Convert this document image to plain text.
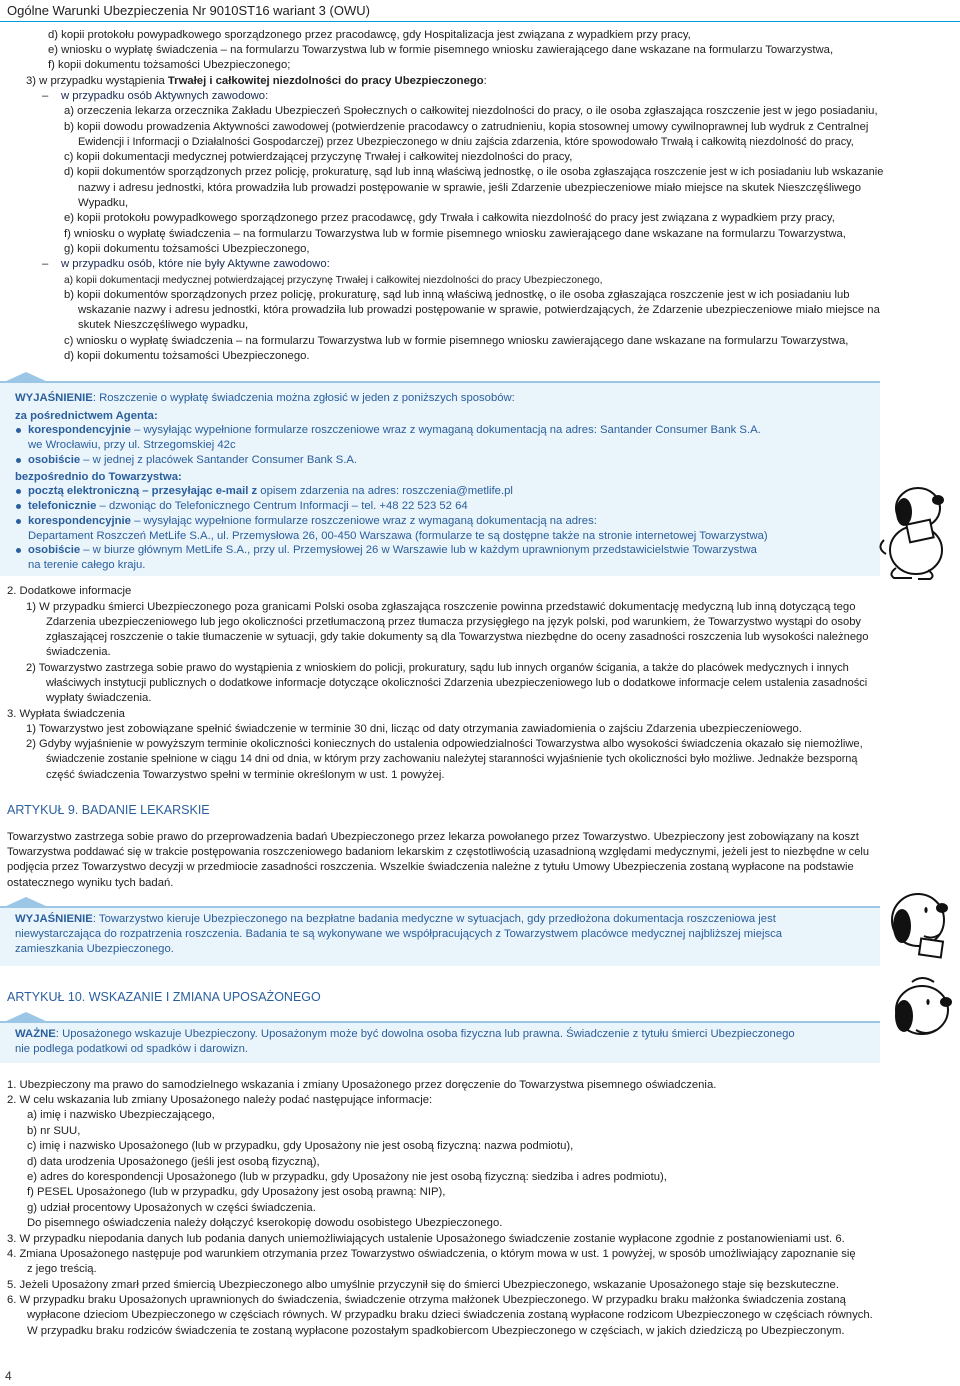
Ogólne Warunki Ubezpieczenia Nr 9010ST16 wariant 3 (OWU)
d) kopii protokołu powypadkowego sporządzonego przez pracodawcę, gdy Hospitalizacja jest związana z wypadkiem przy pracy,
e) wniosku o wypłatę świadczenia – na formularzu Towarzystwa lub w formie pisemnego wniosku zawierającego dane wskazane na formularzu Towarzystwa,
f) kopii dokumentu tożsamości Ubezpieczonego;
3) w przypadku wystąpienia Trwałej i całkowitej niezdolności do pracy Ubezpieczonego:
– w przypadku osób Aktywnych zawodowo:
a) orzeczenia lekarza orzecznika Zakładu Ubezpieczeń Społecznych o całkowitej niezdolności do pracy, o ile osoba zgłaszająca roszczenie jest w jego posiadaniu,
b) kopii dowodu prowadzenia Aktywności zawodowej (potwierdzenie pracodawcy o zatrudnieniu, kopia stosownej umowy cywilnoprawnej lub wydruk z Centralnej
Ewidencji i Informacji o Działalności Gospodarczej) przez Ubezpieczonego w dniu zajścia zdarzenia, które spowodowało Trwałą i całkowitą niezdolność do pracy,
c) kopii dokumentacji medycznej potwierdzającej przyczynę Trwałej i całkowitej niezdolności do pracy,
d) kopii dokumentów sporządzonych przez policję, prokuraturę, sąd lub inną właściwą jednostkę, o ile osoba zgłaszająca roszczenie jest w ich posiadaniu lub wskazanie
nazwy i adresu jednostki, która prowadziła lub prowadzi postępowanie w sprawie, jeśli Zdarzenie ubezpieczeniowe miało miejsce na skutek Nieszczęśliwego
Wypadku,
e) kopii protokołu powypadkowego sporządzonego przez pracodawcę, gdy Trwała i całkowita niezdolność do pracy jest związana z wypadkiem przy pracy,
f) wniosku o wypłatę świadczenia – na formularzu Towarzystwa lub w formie pisemnego wniosku zawierającego dane wskazane na formularzu Towarzystwa,
g) kopii dokumentu tożsamości Ubezpieczonego,
– w przypadku osób, które nie były Aktywne zawodowo:
a) kopii dokumentacji medycznej potwierdzającej przyczynę Trwałej i całkowitej niezdolności do pracy Ubezpieczonego,
b) kopii dokumentów sporządzonych przez policję, prokuraturę, sąd lub inną właściwą jednostkę, o ile osoba zgłaszająca roszczenie jest w ich posiadaniu lub
wskazanie nazwy i adresu jednostki, która prowadziła lub prowadzi postępowanie w sprawie, potwierdzających, że Zdarzenie ubezpieczeniowe miało miejsce na
skutek Nieszczęśliwego wypadku,
c) wniosku o wypłatę świadczenia – na formularzu Towarzystwa lub w formie pisemnego wniosku zawierającego dane wskazane na formularzu Towarzystwa,
d) kopii dokumentu tożsamości Ubezpieczonego.
WYJAŚNIENIE: Roszczenie o wypłatę świadczenia można zgłosić w jeden z poniższych sposobów:
za pośrednictwem Agenta:
korespondencyjnie – wysyłając wypełnione formularze roszczeniowe wraz z wymaganą dokumentacją na adres: Santander Consumer Bank S.A.
we Wrocławiu, przy ul. Strzegomskiej 42c
osobiście – w jednej z placówek Santander Consumer Bank S.A.
bezpośrednio do Towarzystwa:
pocztą elektroniczną – przesyłając e-mail z opisem zdarzenia na adres: roszczenia@metlife.pl
telefonicznie – dzwoniąc do Telefonicznego Centrum Informacji – tel. +48 22 523 52 64
korespondencyjnie – wysyłając wypełnione formularze roszczeniowe wraz z wymaganą dokumentacją na adres:
Departament Roszczeń MetLife S.A., ul. Przemysłowa 26, 00-450 Warszawa (formularze te są dostępne także na stronie internetowej Towarzystwa)
osobiście – w biurze głównym MetLife S.A., przy ul. Przemysłowej 26 w Warszawie lub w każdym uprawnionym przedstawicielstwie Towarzystwa
na terenie całego kraju.
2. Dodatkowe informacje
1) W przypadku śmierci Ubezpieczonego poza granicami Polski osoba zgłaszająca roszczenie powinna przedstawić dokumentację medyczną lub inną dotyczącą tego
Zdarzenia ubezpieczeniowego lub jego okoliczności przetłumaczoną przez tłumacza przysięgłego na język polski, pod warunkiem, że Towarzystwo wystąpi do osoby
zgłaszającej roszczenie o takie tłumaczenie w sytuacji, gdy takie dokumenty są dla Towarzystwa niezbędne do oceny zasadności roszczenia lub wysokości należnego
świadczenia.
2) Towarzystwo zastrzega sobie prawo do wystąpienia z wnioskiem do policji, prokuratury, sądu lub innych organów ścigania, a także do placówek medycznych i innych
właściwych instytucji publicznych o dodatkowe informacje dotyczące okoliczności Zdarzenia ubezpieczeniowego lub o dodatkowe informacje celem ustalenia zasadności
wypłaty świadczenia.
3. Wypłata świadczenia
1) Towarzystwo jest zobowiązane spełnić świadczenie w terminie 30 dni, licząc od daty otrzymania zawiadomienia o zajściu Zdarzenia ubezpieczeniowego.
2) Gdyby wyjaśnienie w powyższym terminie okoliczności koniecznych do ustalenia odpowiedzialności Towarzystwa albo wysokości świadczenia okazało się niemożliwe,
świadczenie zostanie spełnione w ciągu 14 dni od dnia, w którym przy zachowaniu należytej staranności wyjaśnienie tych okoliczności było możliwe. Jednakże bezsporną
część świadczenia Towarzystwo spełni w terminie określonym w ust. 1 powyżej.
ARTYKUŁ 9. BADANIE LEKARSKIE
Towarzystwo zastrzega sobie prawo do przeprowadzenia badań Ubezpieczonego przez lekarza powołanego przez Towarzystwo. Ubezpieczony jest zobowiązany na koszt
Towarzystwa poddawać się w trakcie postępowania roszczeniowego badaniom lekarskim z częstotliwością uzasadnioną względami medycznymi, jeżeli jest to niezbędne w celu
podjęcia przez Towarzystwo decyzji w przedmiocie zasadności roszczenia. Wszelkie świadczenia należne z tytułu Umowy Ubezpieczenia zostaną wypłacone na podstawie
ostatecznego wyniku tych badań.
WYJAŚNIENIE: Towarzystwo kieruje Ubezpieczonego na bezpłatne badania medyczne w sytuacjach, gdy przedłożona dokumentacja roszczeniowa jest
niewystarczająca do rozpatrzenia roszczenia. Badania te są wykonywane we współpracujących z Towarzystwem placówce medycznej najbliższej miejsca
zamieszkania Ubezpieczonego.
ARTYKUŁ 10. WSKAZANIE I ZMIANA UPOSAŻONEGO
WAŻNE: Uposażonego wskazuje Ubezpieczony. Uposażonym może być dowolna osoba fizyczna lub prawna. Świadczenie z tytułu śmierci Ubezpieczonego
nie podlega podatkowi od spadków i darowizn.
1. Ubezpieczony ma prawo do samodzielnego wskazania i zmiany Uposażonego przez doręczenie do Towarzystwa pisemnego oświadczenia.
2. W celu wskazania lub zmiany Uposażonego należy podać następujące informacje:
a) imię i nazwisko Ubezpieczającego,
b) nr SUU,
c) imię i nazwisko Uposażonego (lub w przypadku, gdy Uposażony nie jest osobą fizyczną: nazwa podmiotu),
d) data urodzenia Uposażonego (jeśli jest osobą fizyczną),
e) adres do korespondencji Uposażonego (lub w przypadku, gdy Uposażony nie jest osobą fizyczną: siedziba i adres podmiotu),
f) PESEL Uposażonego (lub w przypadku, gdy Uposażony jest osobą prawną: NIP),
g) udział procentowy Uposażonych w części świadczenia.
Do pisemnego oświadczenia należy dołączyć kserokopię dowodu osobistego Ubezpieczonego.
3. W przypadku niepodania danych lub podania danych uniemożliwiających ustalenie Uposażonego świadczenie zostanie wypłacone zgodnie z postanowieniami ust. 6.
4. Zmiana Uposażonego następuje pod warunkiem otrzymania przez Towarzystwo oświadczenia, o którym mowa w ust. 1 powyżej, w sposób umożliwiający zapoznanie się
z jego treścią.
5. Jeżeli Uposażony zmarł przed śmiercią Ubezpieczonego albo umyślnie przyczynił się do śmierci Ubezpieczonego, wskazanie Uposażonego staje się bezskuteczne.
6. W przypadku braku Uposażonych uprawnionych do świadczenia, świadczenie otrzyma małżonek Ubezpieczonego. W przypadku braku małżonka świadczenia zostaną
wypłacone dzieciom Ubezpieczonego w częściach równych. W przypadku braku dzieci świadczenia zostaną wypłacone rodzicom Ubezpieczonego w częściach równych.
W przypadku braku rodziców świadczenia te zostaną wypłacone pozostałym spadkobiercom Ubezpieczonego w częściach, w jakich dziedziczą po Ubezpieczonym.
4
